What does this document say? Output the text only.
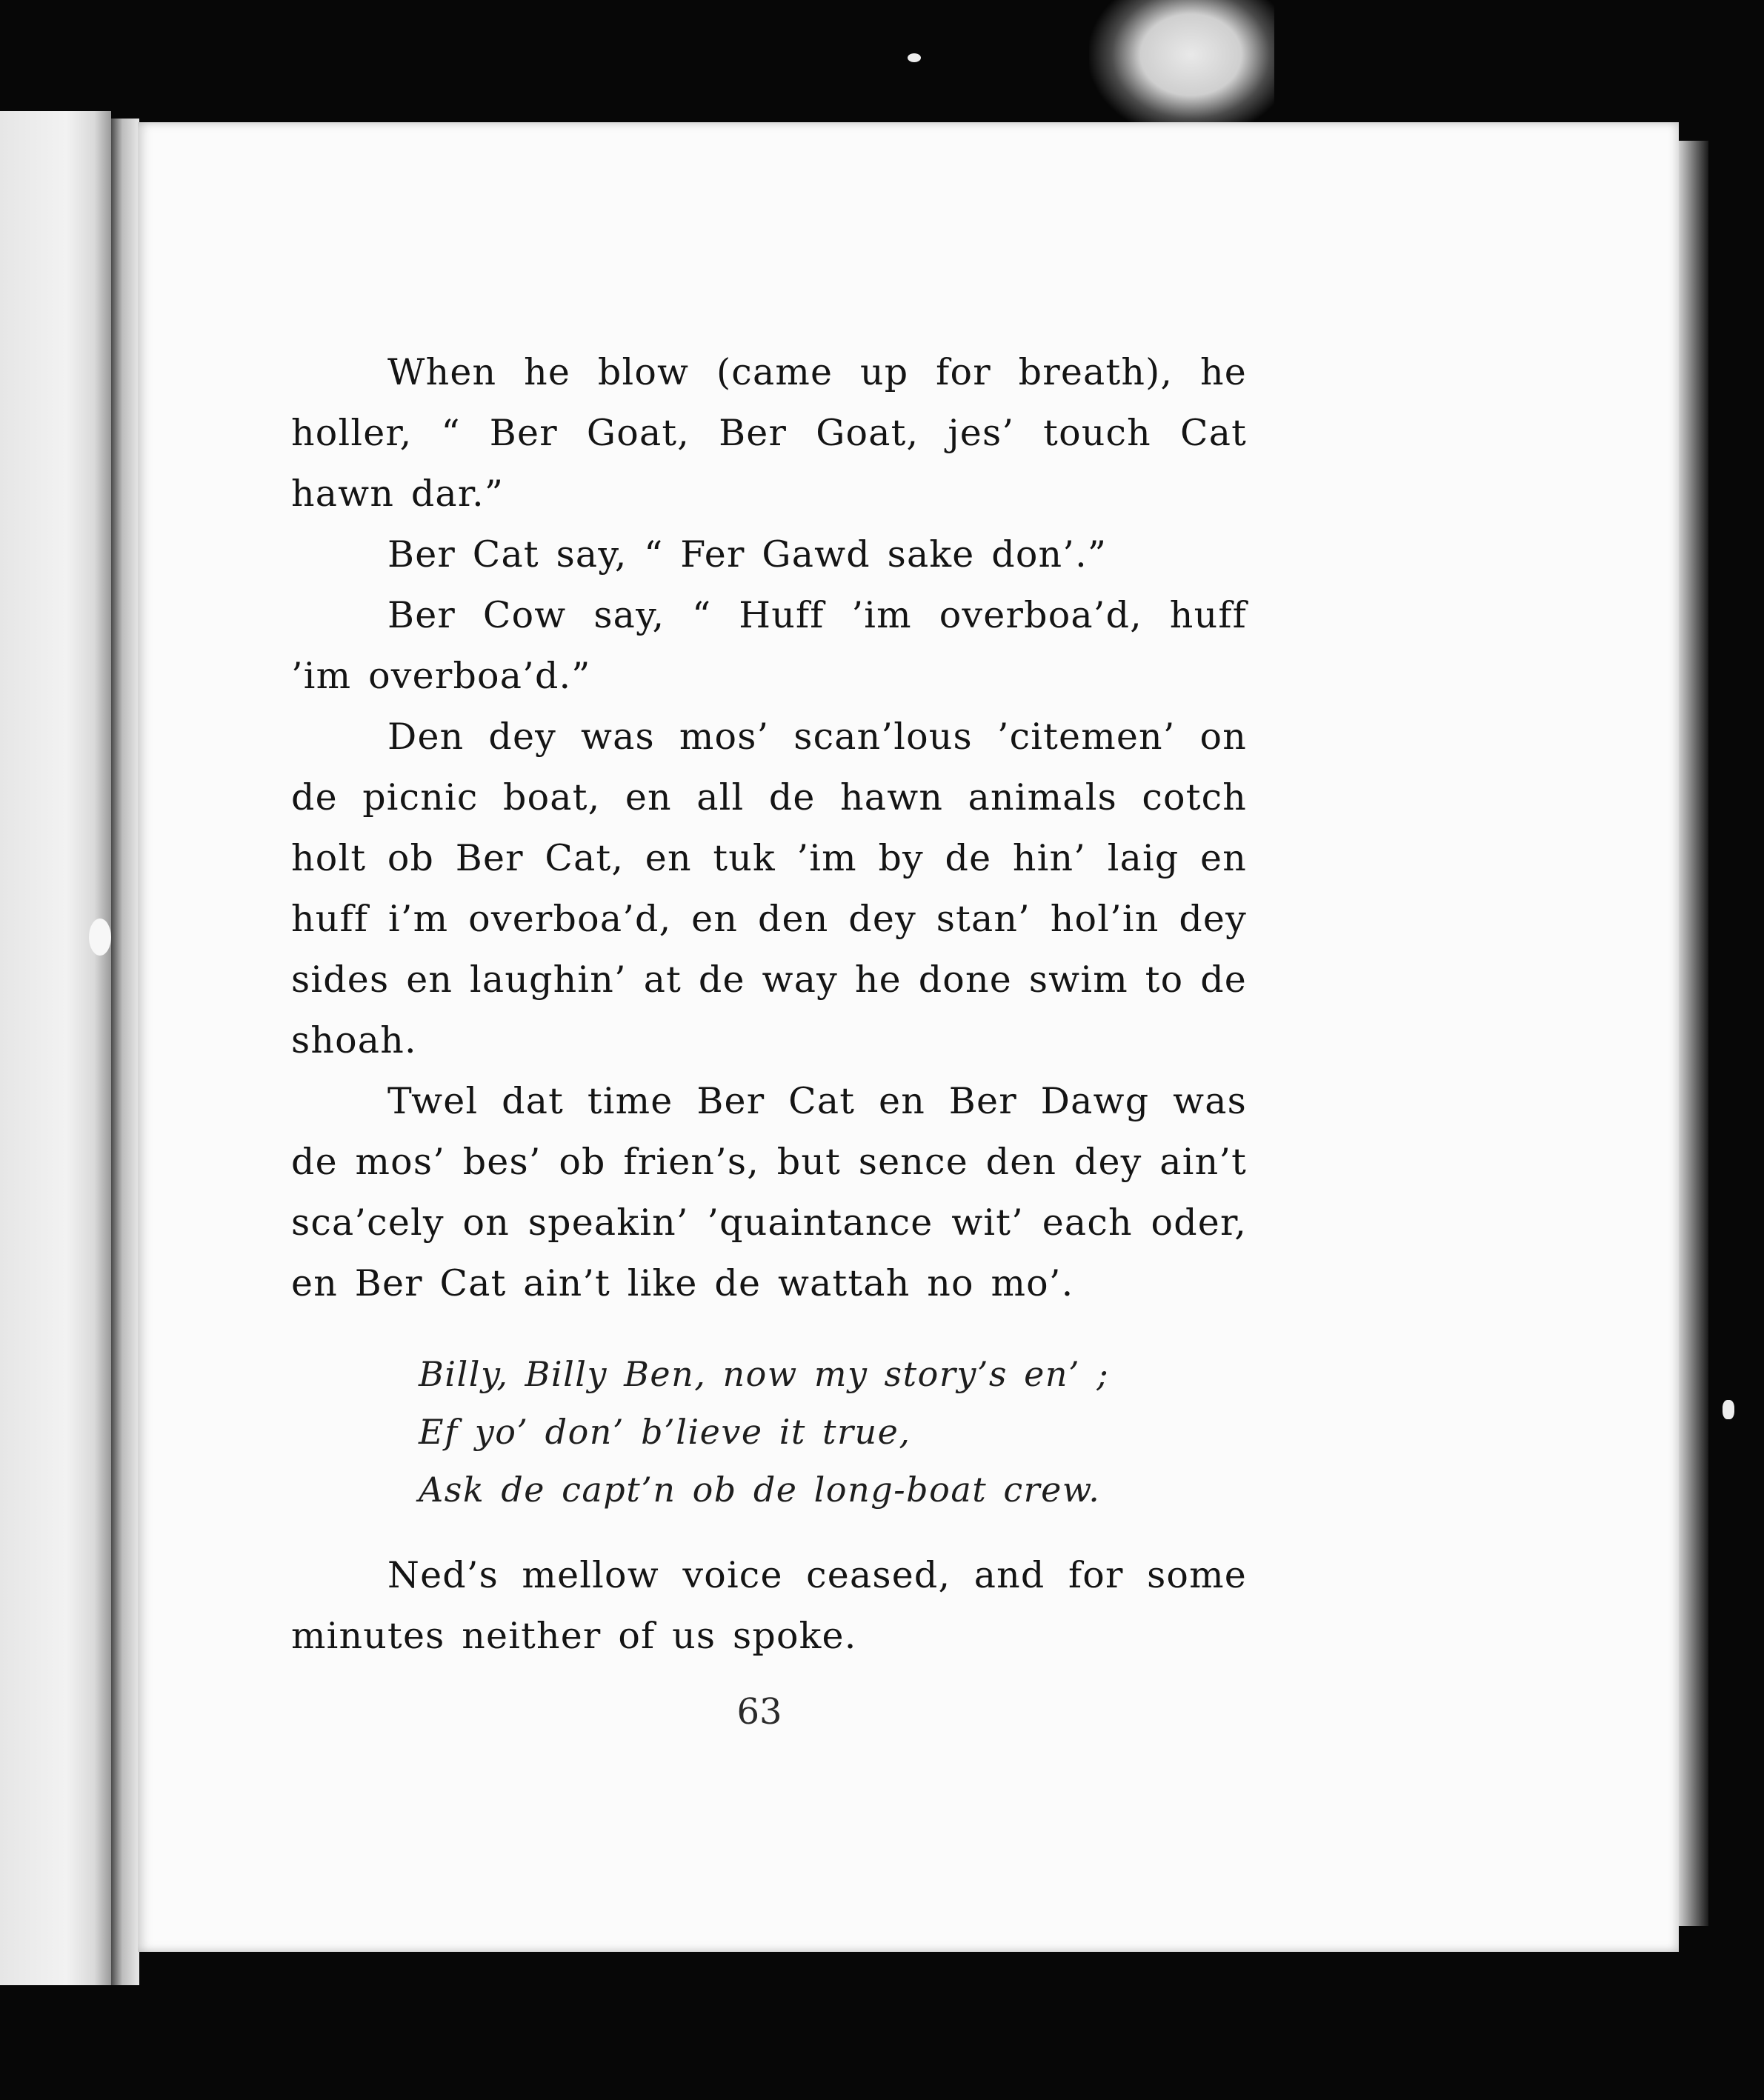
When he blow (came up for breath), he holler, “ Ber Goat, Ber Goat, jes’ touch Cat hawn dar.”

Ber Cat say, “ Fer Gawd sake don’.”

Ber Cow say, “ Huff ’im overboa’d, huff ’im overboa’d.”

Den dey was mos’ scan’lous ’citemen’ on de picnic boat, en all de hawn animals cotch holt ob Ber Cat, en tuk ’im by de hin’ laig en huff i’m overboa’d, en den dey stan’ hol’in dey sides en laughin’ at de way he done swim to de shoah.

Twel dat time Ber Cat en Ber Dawg was de mos’ bes’ ob frien’s, but sence den dey ain’t sca’cely on speakin’ ’quaintance wit’ each oder, en Ber Cat ain’t like de wattah no mo’.

Billy, Billy Ben, now my story’s en’ ;
Ef yo’ don’ b’lieve it true,
Ask de capt’n ob de long-boat crew.

Ned’s mellow voice ceased, and for some minutes neither of us spoke.

63
